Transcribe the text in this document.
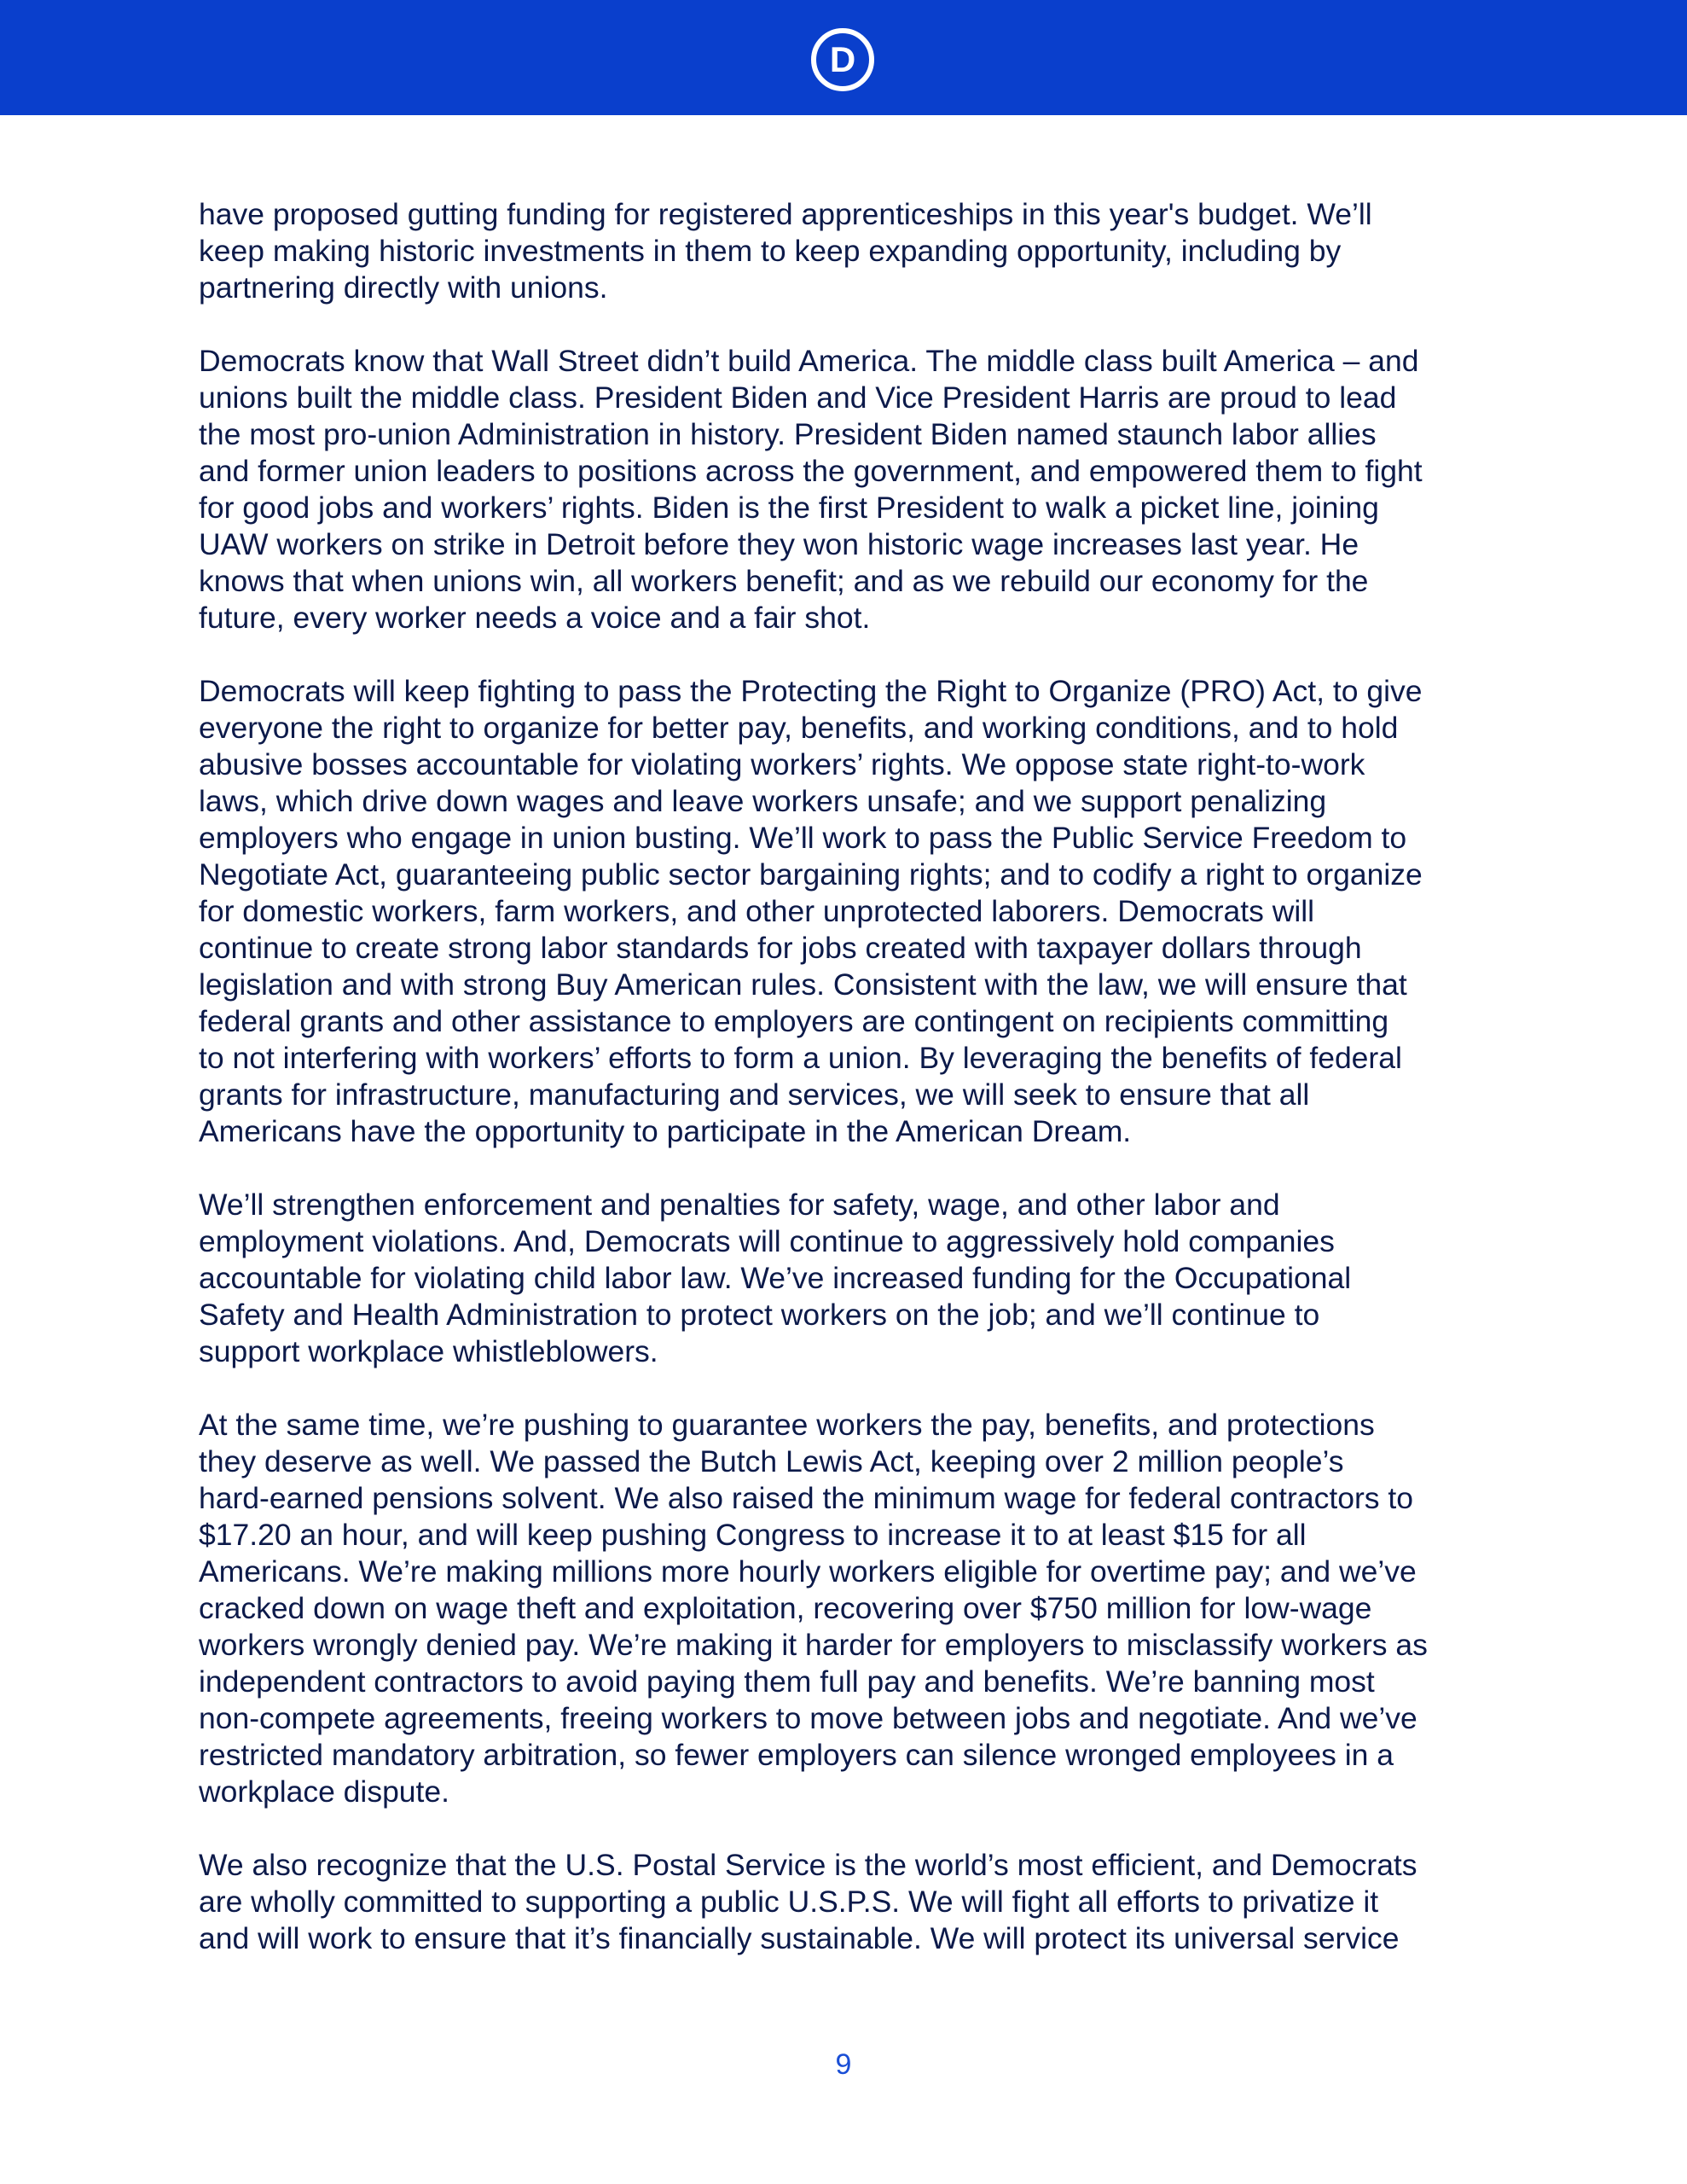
D

have proposed gutting funding for registered apprenticeships in this year's budget. We’ll
keep making historic investments in them to keep expanding opportunity, including by
partnering directly with unions.

Democrats know that Wall Street didn’t build America. The middle class built America – and
unions built the middle class. President Biden and Vice President Harris are proud to lead
the most pro-union Administration in history. President Biden named staunch labor allies
and former union leaders to positions across the government, and empowered them to fight
for good jobs and workers’ rights. Biden is the first President to walk a picket line, joining
UAW workers on strike in Detroit before they won historic wage increases last year. He
knows that when unions win, all workers benefit; and as we rebuild our economy for the
future, every worker needs a voice and a fair shot.

Democrats will keep fighting to pass the Protecting the Right to Organize (PRO) Act, to give
everyone the right to organize for better pay, benefits, and working conditions, and to hold
abusive bosses accountable for violating workers’ rights. We oppose state right-to-work
laws, which drive down wages and leave workers unsafe; and we support penalizing
employers who engage in union busting. We’ll work to pass the Public Service Freedom to
Negotiate Act, guaranteeing public sector bargaining rights; and to codify a right to organize
for domestic workers, farm workers, and other unprotected laborers. Democrats will
continue to create strong labor standards for jobs created with taxpayer dollars through
legislation and with strong Buy American rules. Consistent with the law, we will ensure that
federal grants and other assistance to employers are contingent on recipients committing
to not interfering with workers’ efforts to form a union. By leveraging the benefits of federal
grants for infrastructure, manufacturing and services, we will seek to ensure that all
Americans have the opportunity to participate in the American Dream.

We’ll strengthen enforcement and penalties for safety, wage, and other labor and
employment violations. And, Democrats will continue to aggressively hold companies
accountable for violating child labor law. We’ve increased funding for the Occupational
Safety and Health Administration to protect workers on the job; and we’ll continue to
support workplace whistleblowers.

At the same time, we’re pushing to guarantee workers the pay, benefits, and protections
they deserve as well. We passed the Butch Lewis Act, keeping over 2 million people’s
hard-earned pensions solvent. We also raised the minimum wage for federal contractors to
$17.20 an hour, and will keep pushing Congress to increase it to at least $15 for all
Americans. We’re making millions more hourly workers eligible for overtime pay; and we’ve
cracked down on wage theft and exploitation, recovering over $750 million for low-wage
workers wrongly denied pay. We’re making it harder for employers to misclassify workers as
independent contractors to avoid paying them full pay and benefits. We’re banning most
non-compete agreements, freeing workers to move between jobs and negotiate. And we’ve
restricted mandatory arbitration, so fewer employers can silence wronged employees in a
workplace dispute.

We also recognize that the U.S. Postal Service is the world’s most efficient, and Democrats
are wholly committed to supporting a public U.S.P.S. We will fight all efforts to privatize it
and will work to ensure that it’s financially sustainable. We will protect its universal service

9
